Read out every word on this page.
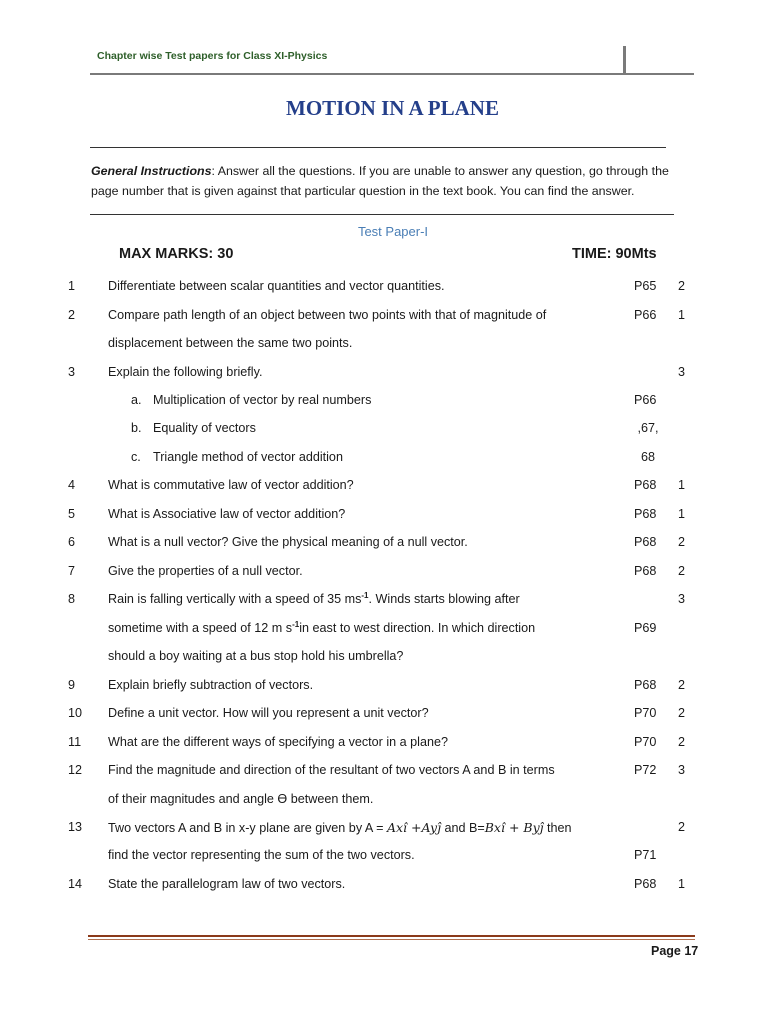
Chapter wise Test papers for Class XI-Physics
MOTION IN A PLANE
General Instructions: Answer all the questions. If you are unable to answer any question, go through the page number that is given against that particular question in the text book. You can find the answer.
Test Paper-I
MAX MARKS: 30	TIME: 90Mts
1	Differentiate between scalar quantities and vector quantities.	P65 2
2	Compare path length of an object between two points with that of magnitude of	P66 1
displacement between the same two points.
3	Explain the following briefly.	3
a. Multiplication of vector by real numbers	P66
b. Equality of vectors	,67,
c. Triangle method of vector addition	68
4	What is commutative law of vector addition?	P68 1
5	What is Associative law of vector addition?	P68 1
6	What is a null vector? Give the physical meaning of a null vector.	P68 2
7	Give the properties of a null vector.	P68 2
8	Rain is falling vertically with a speed of 35 $ms^{-1}$. Winds starts blowing after	3
sometime with a speed of 12 m $s^{-1}in$ east to west direction. In which direction	P69
should a boy waiting at a bus stop hold his umbrella?
9	Explain briefly subtraction of vectors.	P68 2
10 Define a unit vector. How will you represent a unit vector?	P70 2
11 What are the different ways of specifying a vector in a plane?	P70 2
12 Find the magnitude and direction of the resultant of two vectors A and B in terms	P72 3
of their magnitudes and angle Ɵ between them.
13 Two vectors A and B in x-y plane are given by A = Axî +Ayĵ and B=Bxî + Byĵ then	2
find the vector representing the sum of the two vectors.	P71
14 State the parallelogram law of two vectors.	P68 1
Page 17
